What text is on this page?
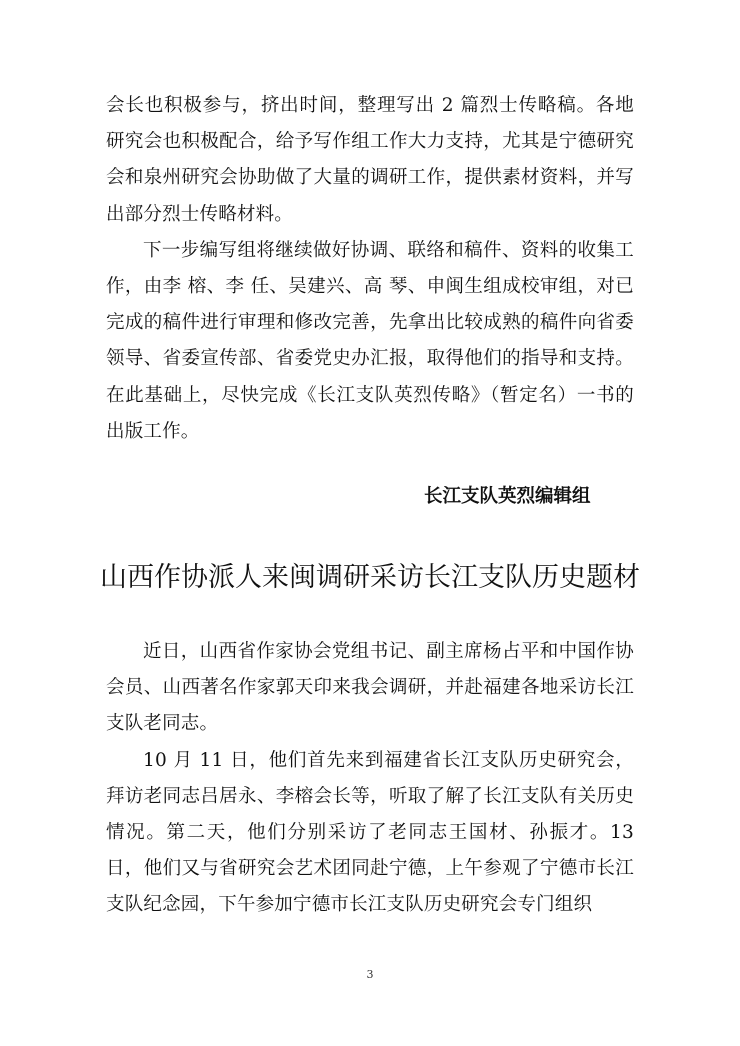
会长也积极参与，挤出时间，整理写出 2 篇烈士传略稿。各地研究会也积极配合，给予写作组工作大力支持，尤其是宁德研究会和泉州研究会协助做了大量的调研工作，提供素材资料，并写出部分烈士传略材料。

下一步编写组将继续做好协调、联络和稿件、资料的收集工作，由李 榕、李 任、吴建兴、高 琴、申闽生组成校审组，对已完成的稿件进行审理和修改完善，先拿出比较成熟的稿件向省委领导、省委宣传部、省委党史办汇报，取得他们的指导和支持。在此基础上，尽快完成《长江支队英烈传略》（暂定名）一书的出版工作。

长江支队英烈编辑组
山西作协派人来闽调研采访长江支队历史题材

近日，山西省作家协会党组书记、副主席杨占平和中国作协会员、山西著名作家郭天印来我会调研，并赴福建各地采访长江支队老同志。

10 月 11 日，他们首先来到福建省长江支队历史研究会，拜访老同志吕居永、李榕会长等，听取了解了长江支队有关历史情况。第二天，他们分别采访了老同志王国材、孙振才。13 日，他们又与省研究会艺术团同赴宁德，上午参观了宁德市长江支队纪念园，下午参加宁德市长江支队历史研究会专门组织

3
